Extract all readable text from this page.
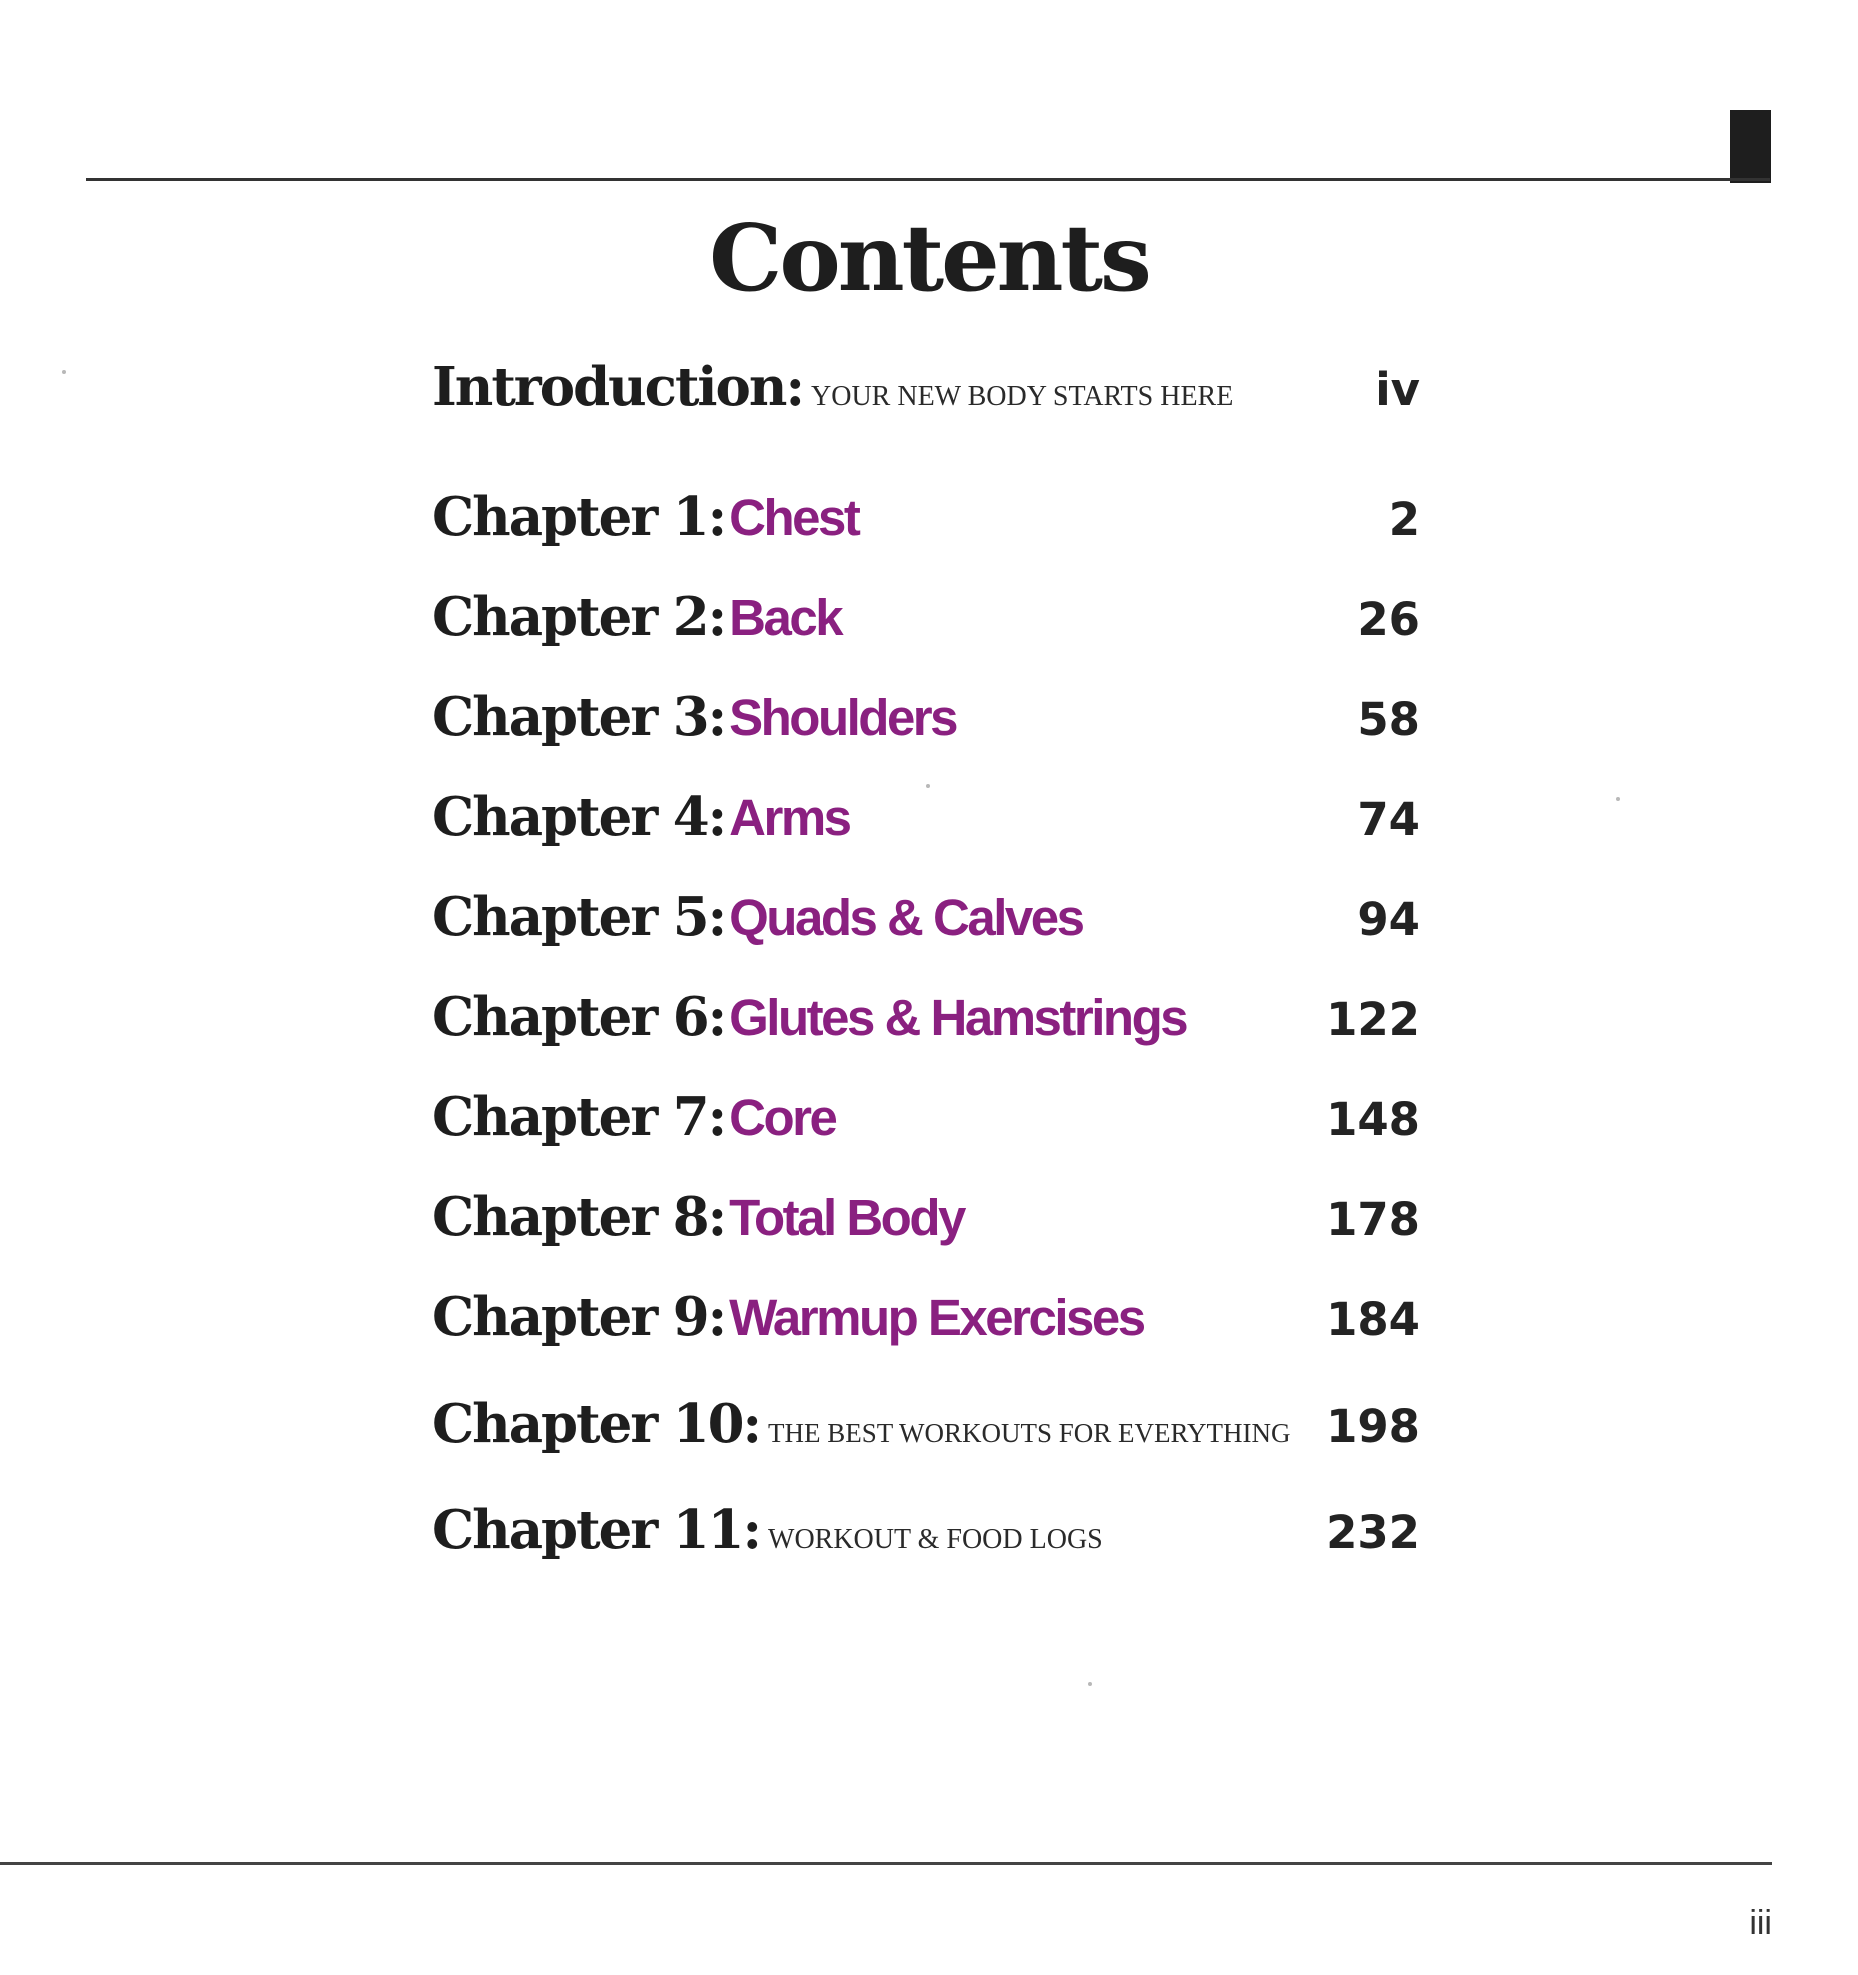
Contents
Introduction: YOUR NEW BODY STARTS HERE	iv
Chapter 1: Chest	2
Chapter 2: Back	26
Chapter 3: Shoulders	58
Chapter 4: Arms	74
Chapter 5: Quads & Calves	94
Chapter 6: Glutes & Hamstrings	122
Chapter 7: Core	148
Chapter 8: Total Body	178
Chapter 9: Warmup Exercises	184
Chapter 10: THE BEST WORKOUTS FOR EVERYTHING 198
Chapter 11: WORKOUT & FOOD LOGS	232
iii
